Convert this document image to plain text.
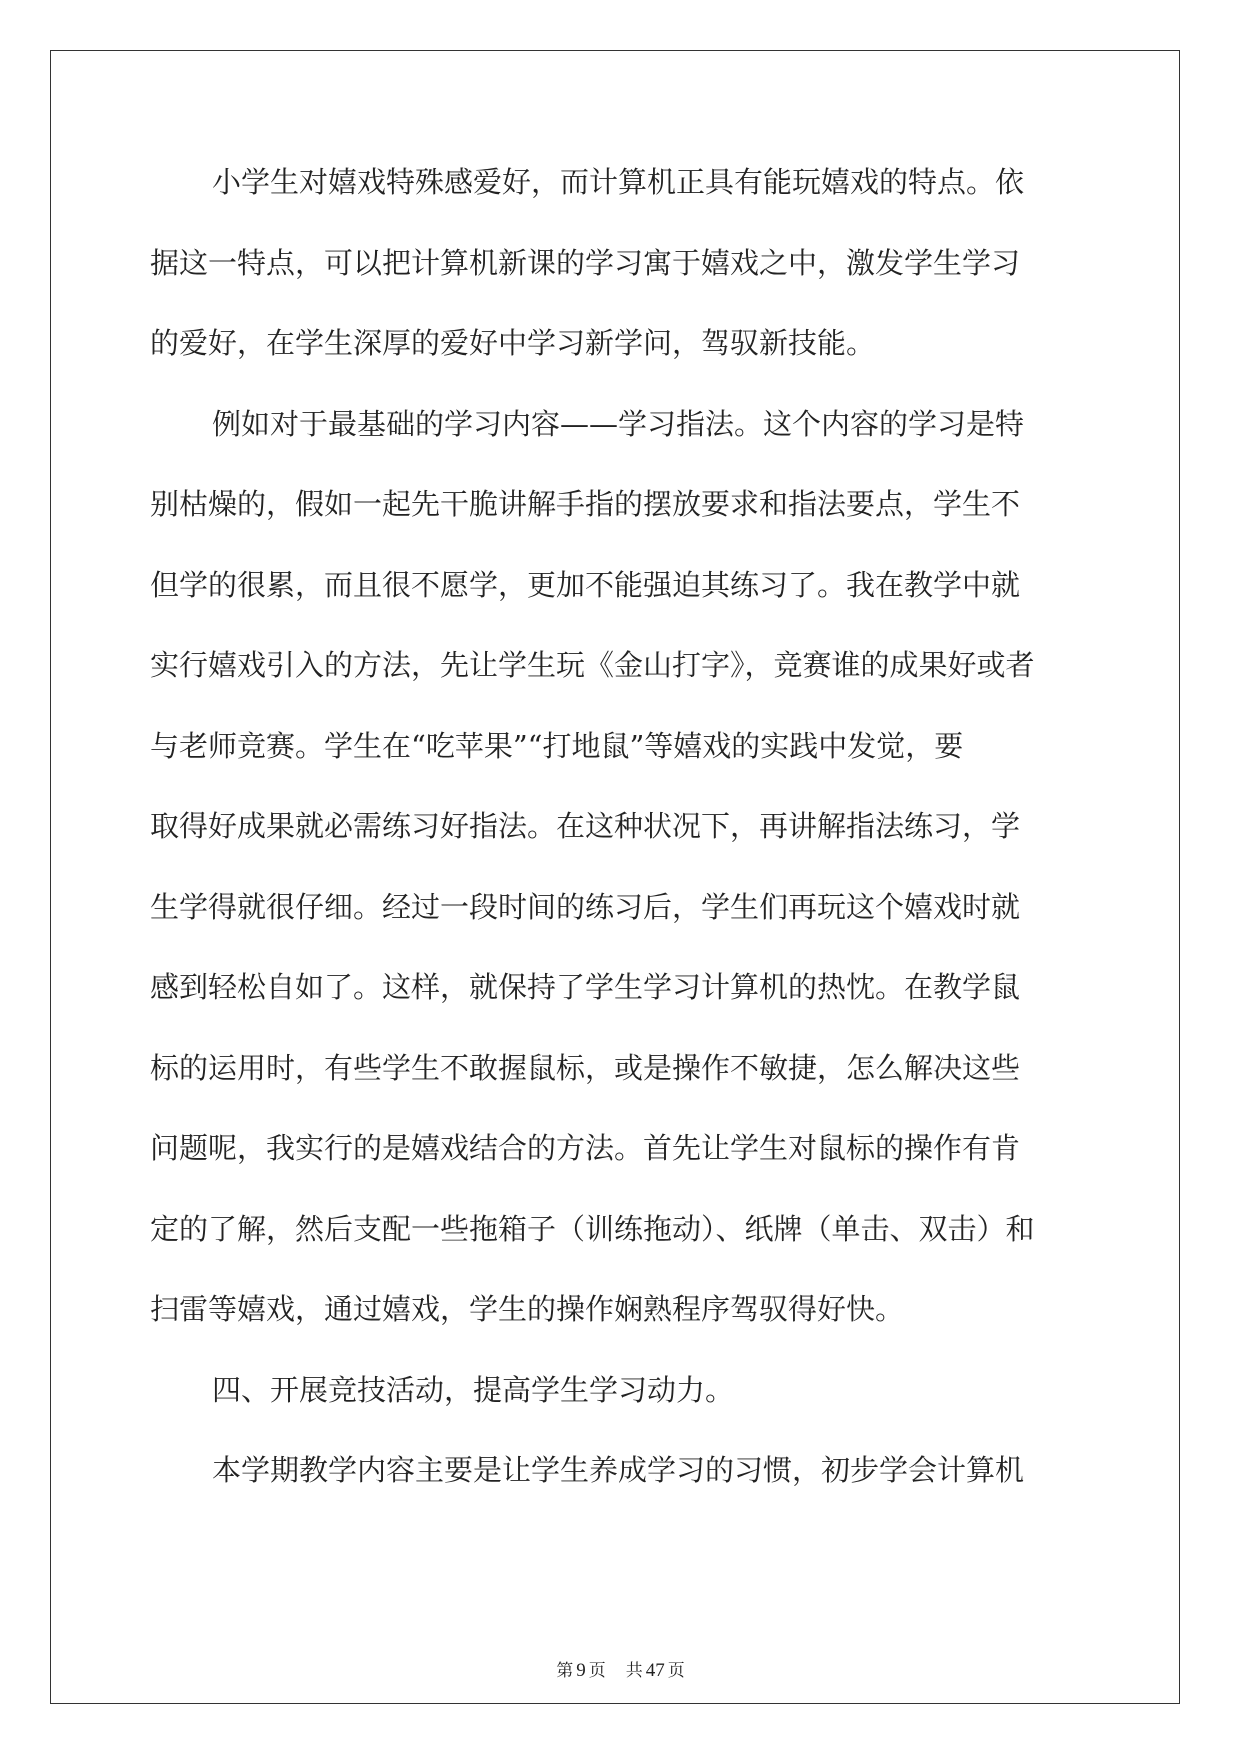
小学生对嬉戏特殊感爱好，而计算机正具有能玩嬉戏的特点。依
据这一特点，可以把计算机新课的学习寓于嬉戏之中，激发学生学习
的爱好，在学生深厚的爱好中学习新学问，驾驭新技能。
例如对于最基础的学习内容——学习指法。这个内容的学习是特
别枯燥的，假如一起先干脆讲解手指的摆放要求和指法要点，学生不
但学的很累，而且很不愿学，更加不能强迫其练习了。我在教学中就
实行嬉戏引入的方法，先让学生玩《金山打字》，竞赛谁的成果好或者
与老师竞赛。学生在“吃苹果”“打地鼠”等嬉戏的实践中发觉，要
取得好成果就必需练习好指法。在这种状况下，再讲解指法练习，学
生学得就很仔细。经过一段时间的练习后，学生们再玩这个嬉戏时就
感到轻松自如了。这样，就保持了学生学习计算机的热忱。在教学鼠
标的运用时，有些学生不敢握鼠标，或是操作不敏捷，怎么解决这些
问题呢，我实行的是嬉戏结合的方法。首先让学生对鼠标的操作有肯
定的了解，然后支配一些拖箱子（训练拖动）、纸牌（单击、双击）和
扫雷等嬉戏，通过嬉戏，学生的操作娴熟程序驾驭得好快。
四、开展竞技活动，提高学生学习动力。
本学期教学内容主要是让学生养成学习的习惯，初步学会计算机
第 9 页 共 47 页
